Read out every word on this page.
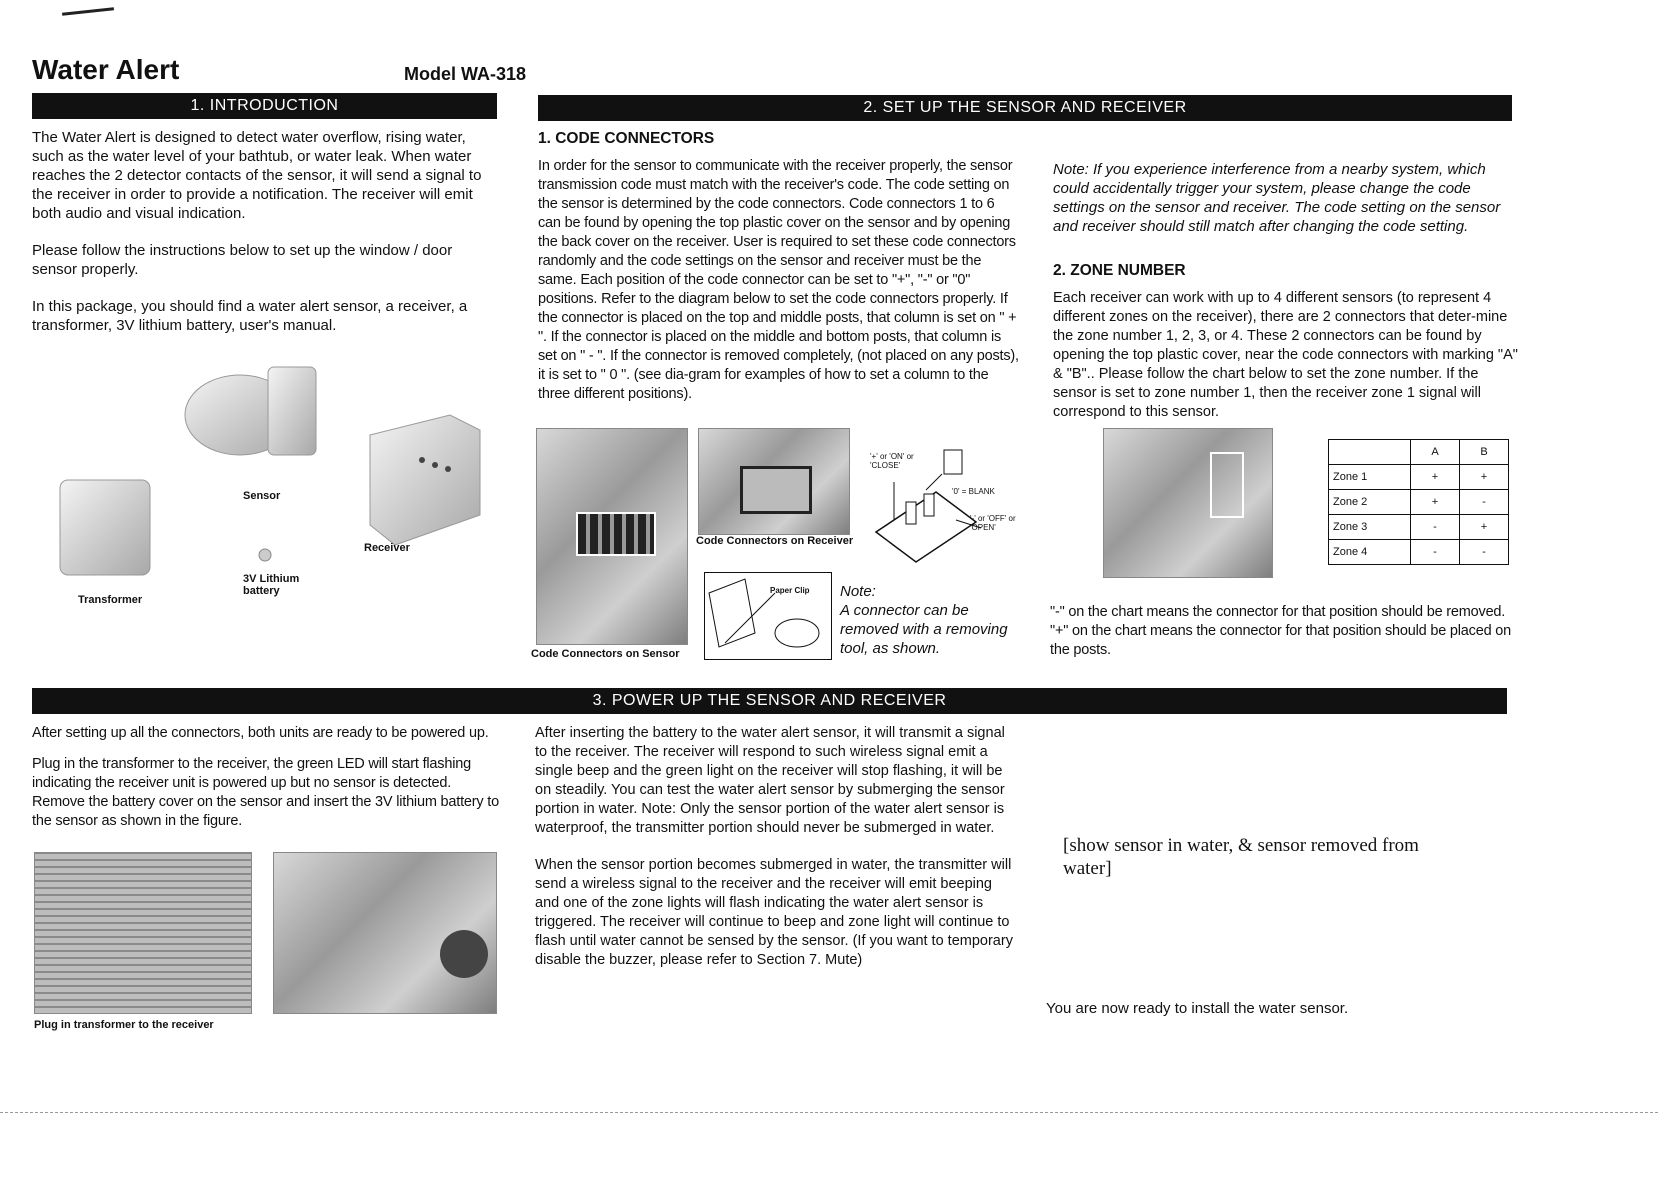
Water Alert	Model WA-318
1. INTRODUCTION

The Water Alert is designed to detect water overflow, rising water, such as the water level of your bathtub, or water leak. When water reaches the 2 detector contacts of the sensor, it will send a signal to the receiver in order to provide a notification. The receiver will emit both audio and visual indication.

Please follow the instructions below to set up the window / door sensor properly.

In this package, you should find a water alert sensor, a receiver, a transformer, 3V lithium battery, user's manual.

Sensor
Receiver
Transformer
3V Lithium battery
2. SET UP THE SENSOR AND RECEIVER
1. CODE CONNECTORS
In order for the sensor to communicate with the receiver properly, the sensor transmission code must match with the receiver's code. The code setting on the sensor is determined by the code connectors. Code connectors 1 to 6 can be found by opening the top plastic cover on the sensor and by opening the back cover on the receiver. User is required to set these code connectors randomly and the code settings on the sensor and receiver must be the same. Each position of the code connector can be set to "+", "-" or "0" positions. Refer to the diagram below to set the code connectors properly. If the connector is placed on the top and middle posts, that column is set on " + ". If the connector is placed on the middle and bottom posts, that column is set on " - ". If the connector is removed completely, (not placed on any posts), it is set to " 0 ". (see dia-gram for examples of how to set a column to the three different positions).
Code Connectors on Sensor
Code Connectors on Receiver
'+' or 'ON' or 'CLOSE'
'0' = BLANK
'-' or 'OFF' or 'OPEN'
Paper Clip Note:
A connector can be removed with a removing tool, as shown.
Note: If you experience interference from a nearby system, which could accidentally trigger your system, please change the code settings on the sensor and receiver. The code setting on the sensor and receiver should still match after changing the code setting.
2. ZONE NUMBER
Each receiver can work with up to 4 different sensors (to represent 4 different zones on the receiver), there are 2 connectors that deter-mine the zone number 1, 2, 3, or 4. These 2 connectors can be found by opening the top plastic cover, near the code connectors with marking "A" & "B".. Please follow the chart below to set the zone number. If the sensor is set to zone number 1, then the receiver zone 1 signal will correspond to this sensor.
	A	B
Zone 1	+	+
Zone 2	+	-
Zone 3	-	+
Zone 4	-	-
"-" on the chart means the connector for that position should be removed.
"+" on the chart means the connector for that position should be placed on the posts.
3. POWER UP THE SENSOR AND RECEIVER
After setting up all the connectors, both units are ready to be powered up.
Plug in the transformer to the receiver, the green LED will start flashing indicating the receiver unit is powered up but no sensor is detected. Remove the battery cover on the sensor and insert the 3V lithium battery to the sensor as shown in the figure.
Plug in transformer to the receiver

After inserting the battery to the water alert sensor, it will transmit a signal to the receiver. The receiver will respond to such wireless signal emit a single beep and the green light on the receiver will stop flashing, it will be on steadily. You can test the water alert sensor by submerging the sensor portion in water. Note: Only the sensor portion of the water alert sensor is waterproof, the transmitter portion should never be submerged in water.

When the sensor portion becomes submerged in water, the transmitter will send a wireless signal to the receiver and the receiver will emit beeping and one of the zone lights will flash indicating the water alert sensor is triggered. The receiver will continue to beep and zone light will continue to flash until water cannot be sensed by the sensor. (If you want to temporary disable the buzzer, please refer to Section 7. Mute)

[show sensor in water, & sensor removed from water]
You are now ready to install the water sensor.
